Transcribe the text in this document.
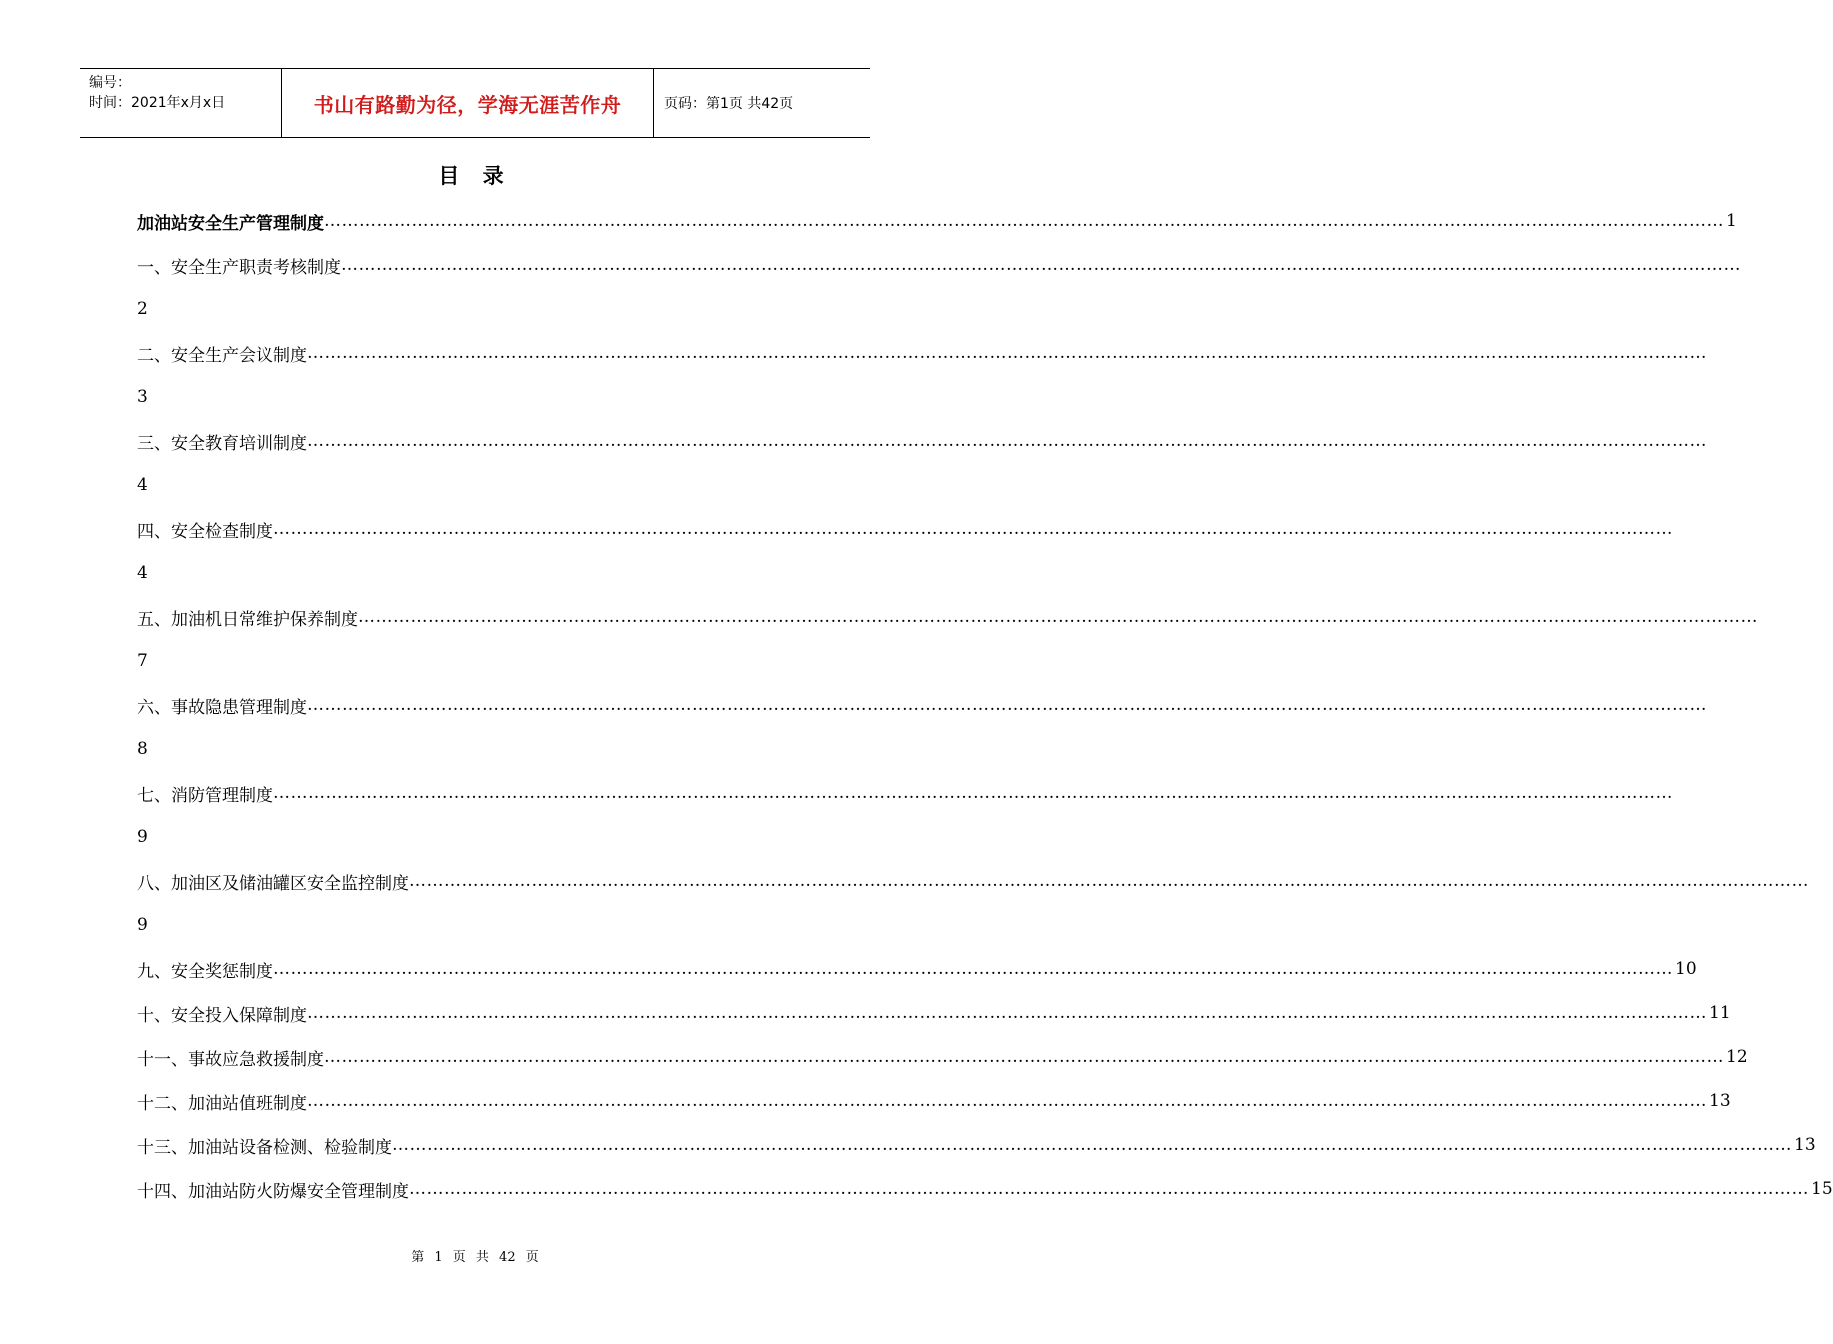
编号：
时间：2021年x月x日	书山有路勤为径，学海无涯苦作舟	页码：第1页 共42页
目 录
加油站安全生产管理制度 …………………………………………………………………………………………………………………………………………………………………………………………………………………… 1
一、安全生产职责考核制度 ……………………………………………………………………………………………………………………………………………………………………………………………………………………
2
二、安全生产会议制度 ……………………………………………………………………………………………………………………………………………………………………………………………………………………
3
三、安全教育培训制度 ……………………………………………………………………………………………………………………………………………………………………………………………………………………
4
四、安全检查制度 ……………………………………………………………………………………………………………………………………………………………………………………………………………………
4
五、加油机日常维护保养制度 ……………………………………………………………………………………………………………………………………………………………………………………………………………………
7
六、事故隐患管理制度 ……………………………………………………………………………………………………………………………………………………………………………………………………………………
8
七、消防管理制度 ……………………………………………………………………………………………………………………………………………………………………………………………………………………
9
八、加油区及储油罐区安全监控制度 ……………………………………………………………………………………………………………………………………………………………………………………………………………………
9
九、安全奖惩制度 …………………………………………………………………………………………………………………………………………………………………………………………………………………… 10
十、安全投入保障制度 …………………………………………………………………………………………………………………………………………………………………………………………………………………… 11
十一、事故应急救援制度 …………………………………………………………………………………………………………………………………………………………………………………………………………………… 12
十二、加油站值班制度 …………………………………………………………………………………………………………………………………………………………………………………………………………………… 13
十三、加油站设备检测、检验制度 …………………………………………………………………………………………………………………………………………………………………………………………………………………… 13
十四、加油站防火防爆安全管理制度 …………………………………………………………………………………………………………………………………………………………………………………………………………………… 15
第 1 页 共 42 页
